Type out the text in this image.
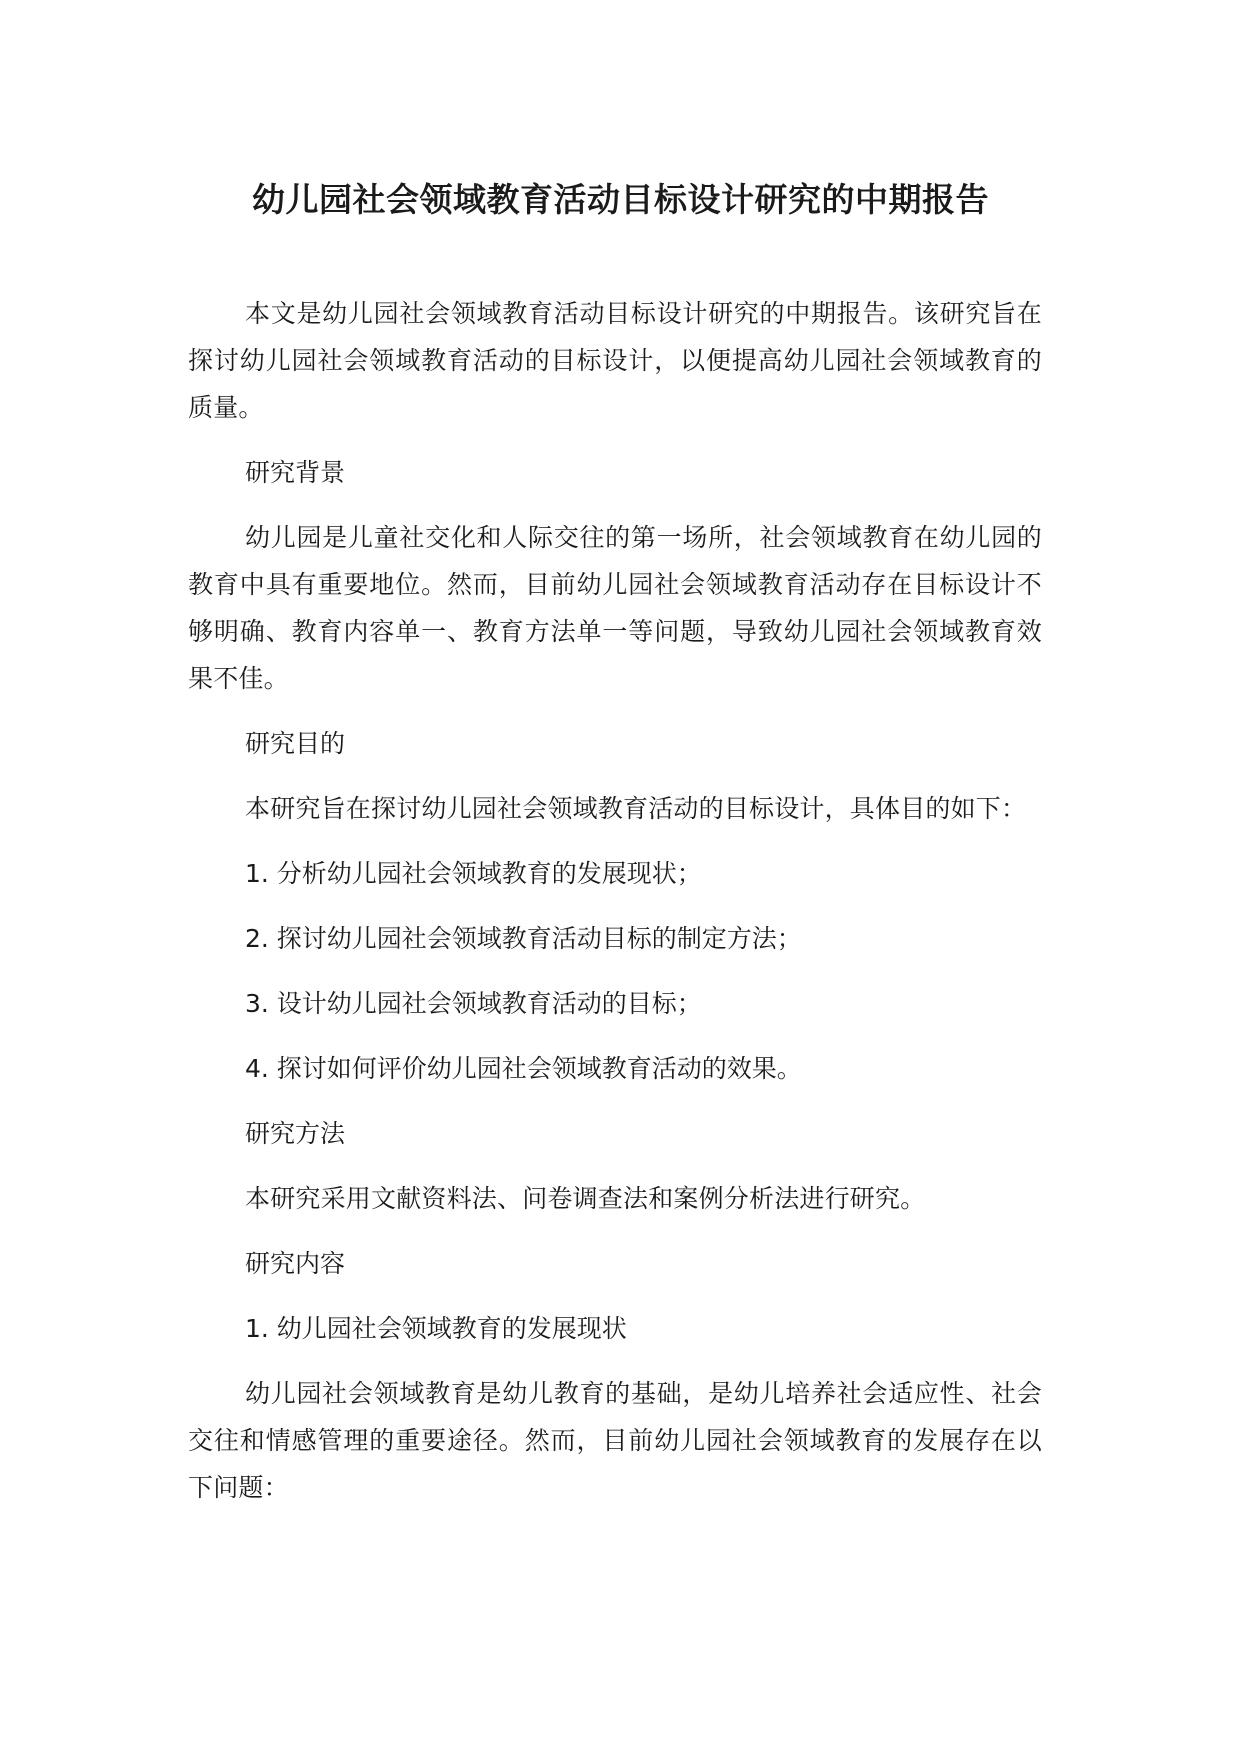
幼儿园社会领域教育活动目标设计研究的中期报告

本文是幼儿园社会领域教育活动目标设计研究的中期报告。该研究旨在探讨幼儿园社会领域教育活动的目标设计，以便提高幼儿园社会领域教育的质量。

研究背景

幼儿园是儿童社交化和人际交往的第一场所，社会领域教育在幼儿园的教育中具有重要地位。然而，目前幼儿园社会领域教育活动存在目标设计不够明确、教育内容单一、教育方法单一等问题，导致幼儿园社会领域教育效果不佳。

研究目的

本研究旨在探讨幼儿园社会领域教育活动的目标设计，具体目的如下：

1. 分析幼儿园社会领域教育的发展现状；

2. 探讨幼儿园社会领域教育活动目标的制定方法；

3. 设计幼儿园社会领域教育活动的目标；

4. 探讨如何评价幼儿园社会领域教育活动的效果。

研究方法

本研究采用文献资料法、问卷调查法和案例分析法进行研究。

研究内容

1. 幼儿园社会领域教育的发展现状

幼儿园社会领域教育是幼儿教育的基础，是幼儿培养社会适应性、社会交往和情感管理的重要途径。然而，目前幼儿园社会领域教育的发展存在以下问题：
